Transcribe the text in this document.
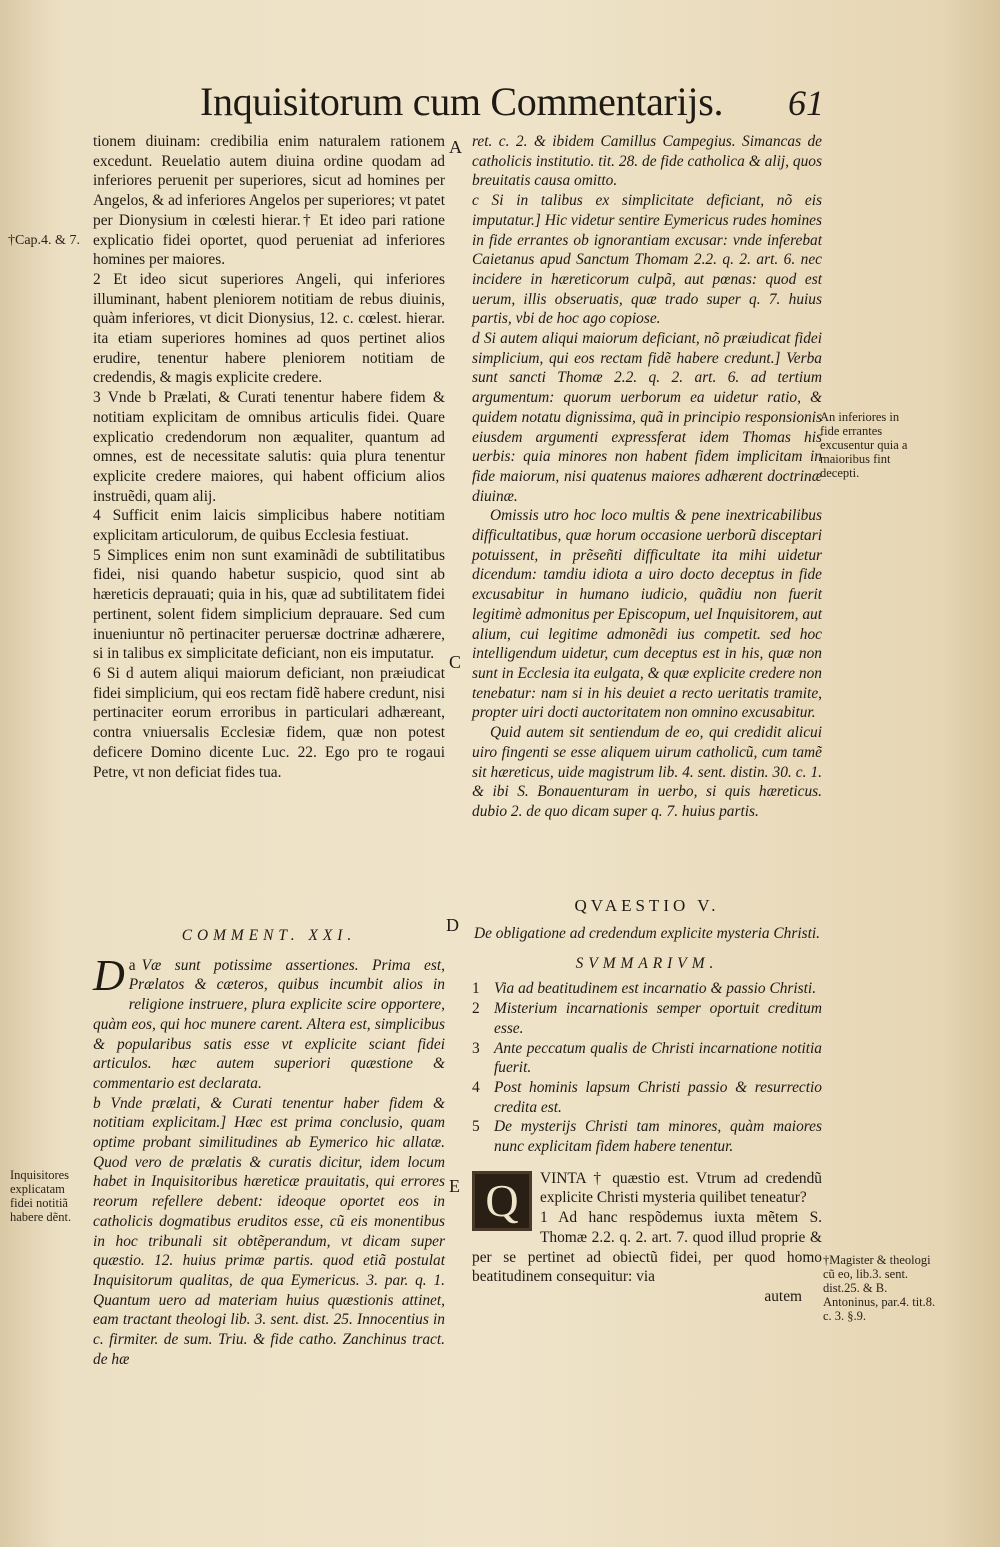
Inquisitorum cum Commentarijs.	61
†Cap.4. & 7.
Inquisitores explicatam fidei notitiã habere dẽnt.
An inferiores in fide errantes excusentur quia a maioribus fint decepti.
†Magister & theologi cũ eo, lib.3. sent. dist.25. & B. Antoninus, par.4. tit.8. c. 3. §.9.
A
C
D
E

tionem diuinam: credibilia enim naturalem rationem excedunt. Reuelatio autem diuina ordine quodam ad inferiores peruenit per superiores, sicut ad homines per Angelos, & ad inferiores Angelos per superiores; vt patet per Dionysium in cœlesti hierar.† Et ideo pari ratione explicatio fidei oportet, quod perueniat ad inferiores homines per maiores.

2 Et ideo sicut superiores Angeli, qui inferiores illuminant, habent pleniorem notitiam de rebus diuinis, quàm inferiores, vt dicit Dionysius, 12. c. cœlest. hierar. ita etiam superiores homines ad quos pertinet alios erudire, tenentur habere pleniorem notitiam de credendis, & magis explicite credere.

3 Vnde b Prælati, & Curati tenentur habere fidem & notitiam explicitam de omnibus articulis fidei. Quare explicatio credendorum non æqualiter, quantum ad omnes, est de necessitate salutis: quia plura tenentur explicite credere maiores, qui habent officium alios instruẽdi, quam alij.

4 Sufficit enim laicis simplicibus habere notitiam explicitam articulorum, de quibus Ecclesia festiuat.

5 Simplices enim non sunt examinãdi de subtilitatibus fidei, nisi quando habetur suspicio, quod sint ab hæreticis deprauati; quia in his, quæ ad subtilitatem fidei pertinent, solent fidem simplicium deprauare. Sed cum inueniuntur nõ pertinaciter peruersæ doctrinæ adhærere, si in talibus ex simplicitate deficiant, non eis imputatur.

6 Si d autem aliqui maiorum deficiant, non præiudicat fidei simplicium, qui eos rectam fidẽ habere credunt, nisi pertinaciter eorum erroribus in particulari adhæreant, contra vniuersalis Ecclesiæ fidem, quæ non potest deficere Domino dicente Luc. 22. Ego pro te rogaui Petre, vt non deficiat fides tua.

COMMENT. XXI.

a
D Væ sunt potissime assertiones. Prima est, Prælatos & cæteros, quibus incumbit alios in religione instruere, plura explicite scire opportere, quàm eos, qui hoc munere carent. Altera est, simplicibus & popularibus satis esse vt explicite sciant fidei articulos. hæc autem superiori quæstione & commentario est declarata.

b Vnde prælati, & Curati tenentur haber fidem & notitiam explicitam.] Hæc est prima conclusio, quam optime probant similitudines ab Eymerico hic allatæ. Quod vero de prælatis & curatis dicitur, idem locum habet in Inquisitoribus hæreticæ prauitatis, qui errores reorum refellere debent: ideoque oportet eos in catholicis dogmatibus eruditos esse, cũ eis monentibus in hoc tribunali sit obtẽperandum, vt dicam super quæstio. 12. huius primæ partis. quod etiã postulat Inquisitorum qualitas, de qua Eymericus. 3. par. q. 1. Quantum uero ad materiam huius quæstionis attinet, eam tractant theologi lib. 3. sent. dist. 25. Innocentius in c. firmiter. de sum. Triu. & fide catho. Zanchinus tract. de hæ

ret. c. 2. & ibidem Camillus Campegius. Simancas de catholicis institutio. tit. 28. de fide catholica & alij, quos breuitatis causa omitto.

c Si in talibus ex simplicitate deficiant, nõ eis imputatur.] Hic videtur sentire Eymericus rudes homines in fide errantes ob ignorantiam excusar: vnde inferebat Caietanus apud Sanctum Thomam 2.2. q. 2. art. 6. nec incidere in hæreticorum culpã, aut pœnas: quod est uerum, illis obseruatis, quæ trado super q. 7. huius partis, vbi de hoc ago copiose.

d Si autem aliqui maiorum deficiant, nõ præiudicat fidei simplicium, qui eos rectam fidẽ habere credunt.] Verba sunt sancti Thomæ 2.2. q. 2. art. 6. ad tertium argumentum: quorum uerborum ea uidetur ratio, & quidem notatu dignissima, quã in principio responsionis eiusdem argumenti expressferat idem Thomas his uerbis: quia minores non habent fidem implicitam in fide maiorum, nisi quatenus maiores adhærent doctrinæ diuinæ.

Omissis utro hoc loco multis & pene inextricabilibus difficultatibus, quæ horum occasione uerborũ disceptari potuissent, in prẽseñti difficultate ita mihi uidetur dicendum: tamdiu idiota a uiro docto deceptus in fide excusabitur in humano iudicio, quãdiu non fuerit legitimè admonitus per Episcopum, uel Inquisitorem, aut alium, cui legitime admonẽdi ius competit. sed hoc intelligendum uidetur, cum deceptus est in his, quæ non sunt in Ecclesia ita eulgata, & quæ explicite credere non tenebatur: nam si in his deuiet a recto ueritatis tramite, propter uiri docti auctoritatem non omnino excusabitur.

Quid autem sit sentiendum de eo, qui credidit alicui uiro fingenti se esse aliquem uirum catholicũ, cum tamẽ sit hæreticus, uide magistrum lib. 4. sent. distin. 30. c. 1. & ibi S. Bonauenturam in uerbo, si quis hæreticus. dubio 2. de quo dicam super q. 7. huius partis.

QVAESTIO V.
De obligatione ad credendum explicite mysteria Christi.
SVMMARIVM.
1 Via ad beatitudinem est incarnatio & passio Christi.
2 Misterium incarnationis semper oportuit creditum esse.
3 Ante peccatum qualis de Christi incarnatione notitia fuerit.
4 Post hominis lapsum Christi passio & resurrectio credita est.
5 De mysterijs Christi tam minores, quàm maiores nunc explicitam fidem habere tenentur.
Q	VINTA † quæstio est. Vtrum ad credendũ explicite Christi mysteria quilibet teneatur?

1 Ad hanc respõdemus iuxta mẽtem S. Thomæ 2.2. q. 2. art. 7. quod illud proprie & per se pertinet ad obiectũ fidei, per quod homo beatitudinem consequitur: via

autem
